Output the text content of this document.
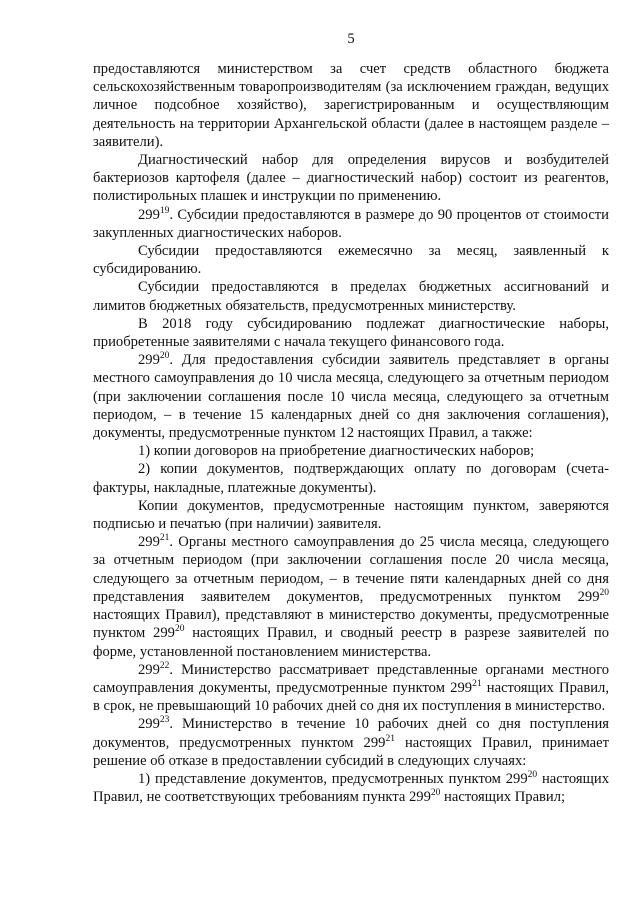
5

предоставляются министерством за счет средств областного бюджета сельскохозяйственным товаропроизводителям (за исключением граждан, ведущих личное подсобное хозяйство), зарегистрированным и осуществляющим деятельность на территории Архангельской области (далее в настоящем разделе – заявители).

Диагностический набор для определения вирусов и возбудителей бактериозов картофеля (далее – диагностический набор) состоит из реагентов, полистирольных плашек и инструкции по применению.

$299^{19}$. Субсидии предоставляются в размере до 90 процентов от стоимости закупленных диагностических наборов.

Субсидии предоставляются ежемесячно за месяц, заявленный к субсидированию.

Субсидии предоставляются в пределах бюджетных ассигнований и лимитов бюджетных обязательств, предусмотренных министерству.

В 2018 году субсидированию подлежат диагностические наборы, приобретенные заявителями с начала текущего финансового года.

$299^{20}$. Для предоставления субсидии заявитель представляет в органы местного самоуправления до 10 числа месяца, следующего за отчетным периодом (при заключении соглашения после 10 числа месяца, следующего за отчетным периодом, – в течение 15 календарных дней со дня заключения соглашения), документы, предусмотренные пунктом 12 настоящих Правил, а также:

1) копии договоров на приобретение диагностических наборов;

2) копии документов, подтверждающих оплату по договорам (счета-фактуры, накладные, платежные документы).

Копии документов, предусмотренные настоящим пунктом, заверяются подписью и печатью (при наличии) заявителя.

$299^{21}$. Органы местного самоуправления до 25 числа месяца, следующего за отчетным периодом (при заключении соглашения после 20 числа месяца, следующего за отчетным периодом, – в течение пяти календарных дней со дня представления заявителем документов, предусмотренных пунктом $299^{20}$ настоящих Правил), представляют в министерство документы, предусмотренные пунктом $299^{20}$ настоящих Правил, и сводный реестр в разрезе заявителей по форме, установленной постановлением министерства.

$299^{22}$. Министерство рассматривает представленные органами местного самоуправления документы, предусмотренные пунктом $299^{21}$ настоящих Правил, в срок, не превышающий 10 рабочих дней со дня их поступления в министерство.

$299^{23}$. Министерство в течение 10 рабочих дней со дня поступления документов, предусмотренных пунктом $299^{21}$ настоящих Правил, принимает решение об отказе в предоставлении субсидий в следующих случаях:

1) представление документов, предусмотренных пунктом $299^{20}$ настоящих Правил, не соответствующих требованиям пункта $299^{20}$ настоящих Правил;
